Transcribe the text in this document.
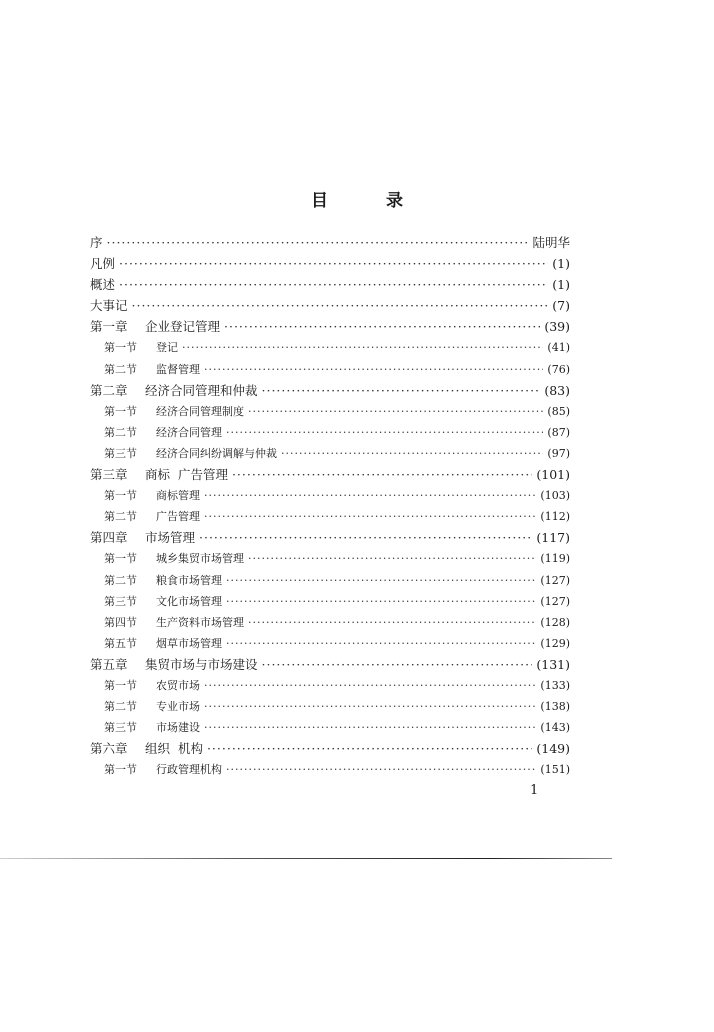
目 录
序 ·····	陆明华
凡例 ·····	(1)
概述 ·····	(1)
大事记 ·····	(7)
第一章	企业登记管理 ·····	(39)
第一节	登记 ·····	(41)
第二节	监督管理 ·····	(76)
第二章	经济合同管理和仲裁 ·····	(83)
第一节	经济合同管理制度 ·····	(85)
第二节	经济合同管理 ·····	(87)
第三节	经济合同纠纷调解与仲裁 ·····	(97)
第三章	商标  广告管理 ·····	(101)
第一节	商标管理 ·····	(103)
第二节	广告管理 ·····	(112)
第四章	市场管理 ·····	(117)
第一节	城乡集贸市场管理 ·····	(119)
第二节	粮食市场管理 ·····	(127)
第三节	文化市场管理 ·····	(127)
第四节	生产资料市场管理 ·····	(128)
第五节	烟草市场管理 ·····	(129)
第五章	集贸市场与市场建设 ·····	(131)
第一节	农贸市场 ·····	(133)
第二节	专业市场 ·····	(138)
第三节	市场建设 ·····	(143)
第六章	组织  机构 ·····	(149)
第一节	行政管理机构 ·····	(151)
1
